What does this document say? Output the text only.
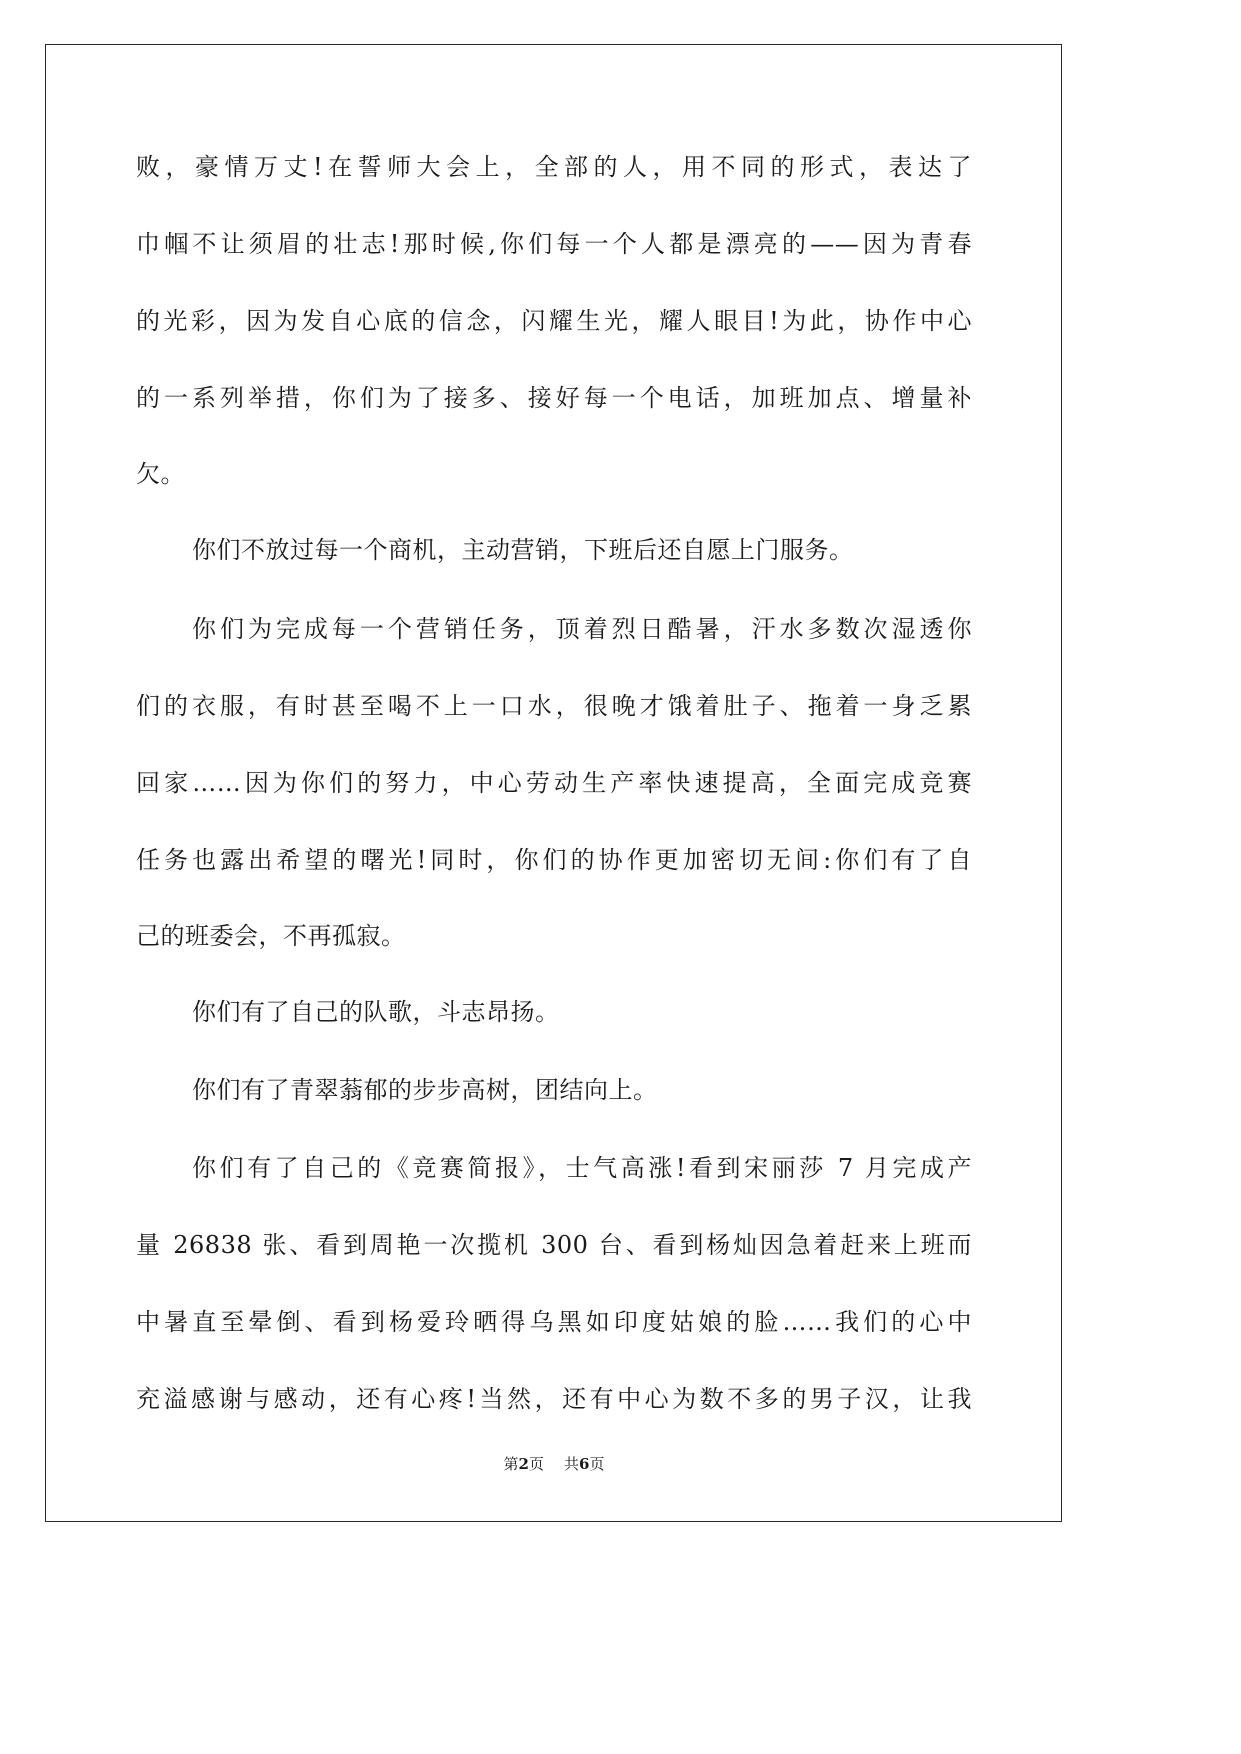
败，豪情万丈!在誓师大会上，全部的人，用不同的形式，表达了
巾帼不让须眉的壮志!那时候,你们每一个人都是漂亮的——因为青春
的光彩，因为发自心底的信念，闪耀生光，耀人眼目!为此，协作中心
的一系列举措，你们为了接多、接好每一个电话，加班加点、增量补
欠。
你们不放过每一个商机，主动营销，下班后还自愿上门服务。
你们为完成每一个营销任务，顶着烈日酷暑，汗水多数次湿透你
们的衣服，有时甚至喝不上一口水，很晚才饿着肚子、拖着一身乏累
回家……因为你们的努力，中心劳动生产率快速提高，全面完成竞赛
任务也露出希望的曙光!同时，你们的协作更加密切无间:你们有了自
己的班委会，不再孤寂。
你们有了自己的队歌，斗志昂扬。
你们有了青翠蓊郁的步步高树，团结向上。
你们有了自己的《竞赛简报》，士气高涨!看到宋丽莎 7 月完成产
量 26838 张、看到周艳一次揽机 300 台、看到杨灿因急着赶来上班而
中暑直至晕倒、看到杨爱玲晒得乌黑如印度姑娘的脸……我们的心中
充溢感谢与感动，还有心疼!当然，还有中心为数不多的男子汉，让我
第2页 共6页
